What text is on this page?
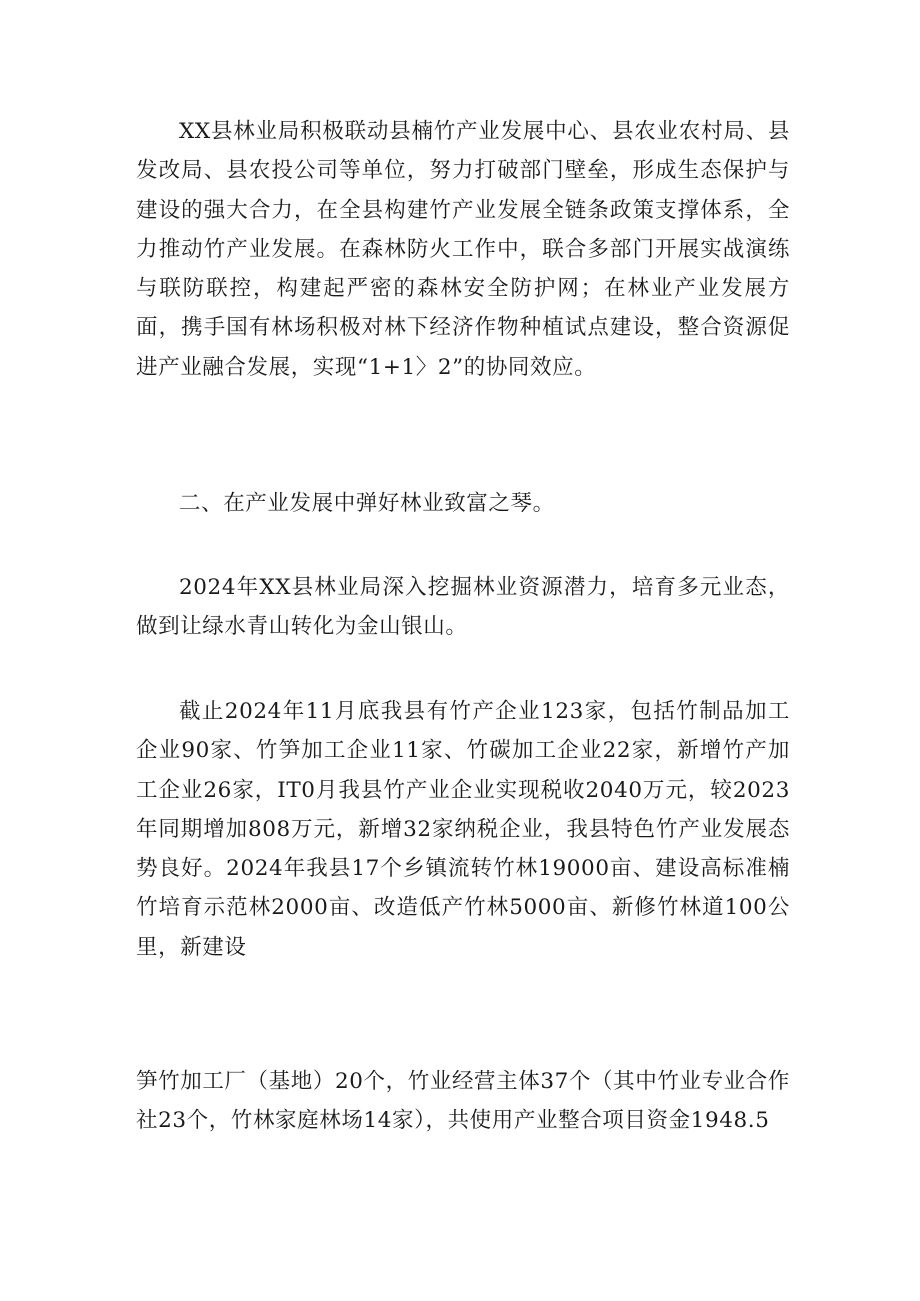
XX县林业局积极联动县楠竹产业发展中心、县农业农村局、县发改局、县农投公司等单位，努力打破部门壁垒，形成生态保护与建设的强大合力，在全县构建竹产业发展全链条政策支撑体系，全力推动竹产业发展。在森林防火工作中，联合多部门开展实战演练与联防联控，构建起严密的森林安全防护网；在林业产业发展方面，携手国有林场积极对林下经济作物种植试点建设，整合资源促进产业融合发展，实现“1+1〉2”的协同效应。

二、在产业发展中弹好林业致富之琴。

2024年XX县林业局深入挖掘林业资源潜力，培育多元业态，做到让绿水青山转化为金山银山。

截止2024年11月底我县有竹产企业123家，包括竹制品加工企业90家、竹笋加工企业11家、竹碳加工企业22家，新增竹产加工企业26家，IT0月我县竹产业企业实现税收2040万元，较2023年同期增加808万元，新增32家纳税企业，我县特色竹产业发展态势良好。2024年我县17个乡镇流转竹林19000亩、建设高标准楠竹培育示范林2000亩、改造低产竹林5000亩、新修竹林道100公里，新建设

笋竹加工厂（基地）20个，竹业经营主体37个（其中竹业专业合作社23个，竹林家庭林场14家），共使用产业整合项目资金1948.5
